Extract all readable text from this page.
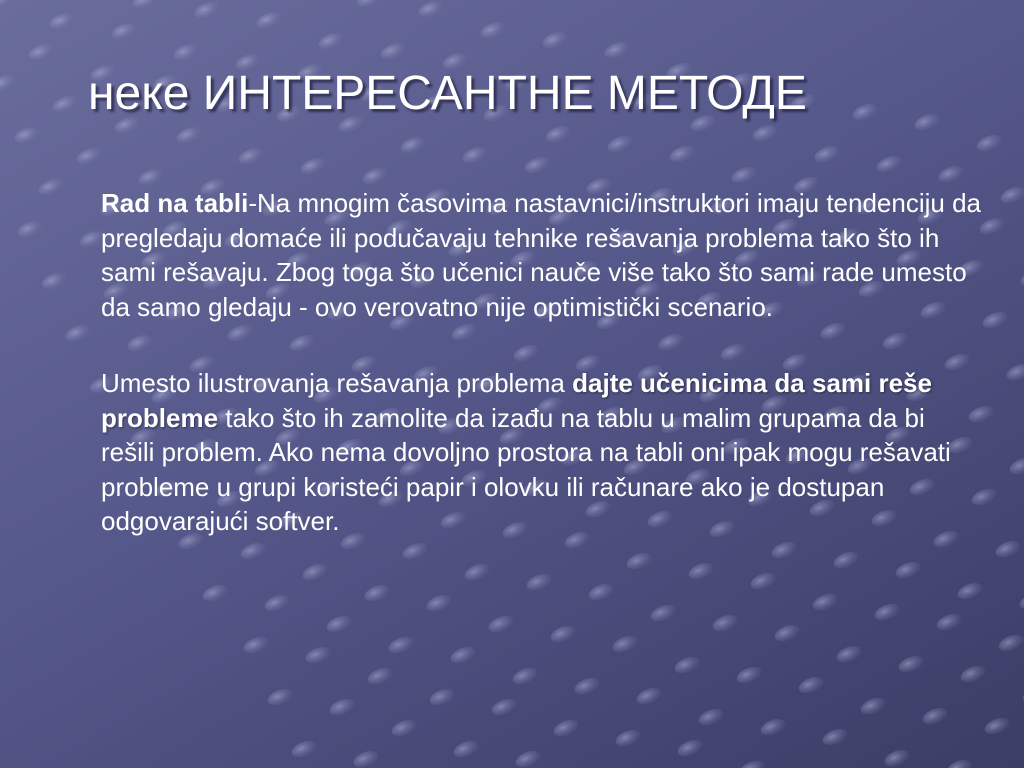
неке ИНТЕРЕСАНТНЕ МЕТОДЕ

Rad na tabli-Na mnogim časovima nastavnici/instruktori imaju tendenciju da pregledaju domaće ili podučavaju tehnike rešavanja problema tako što ih sami rešavaju. Zbog toga što učenici nauče više tako što sami rade umesto da samo gledaju - ovo verovatno nije optimistički scenario.

Umesto ilustrovanja rešavanja problema dajte učenicima da sami reše probleme tako što ih zamolite da izađu na tablu u malim grupama da bi rešili problem. Ako nema dovoljno prostora na tabli oni ipak mogu rešavati probleme u grupi koristeći papir i olovku ili računare ako je dostupan odgovarajući softver.
